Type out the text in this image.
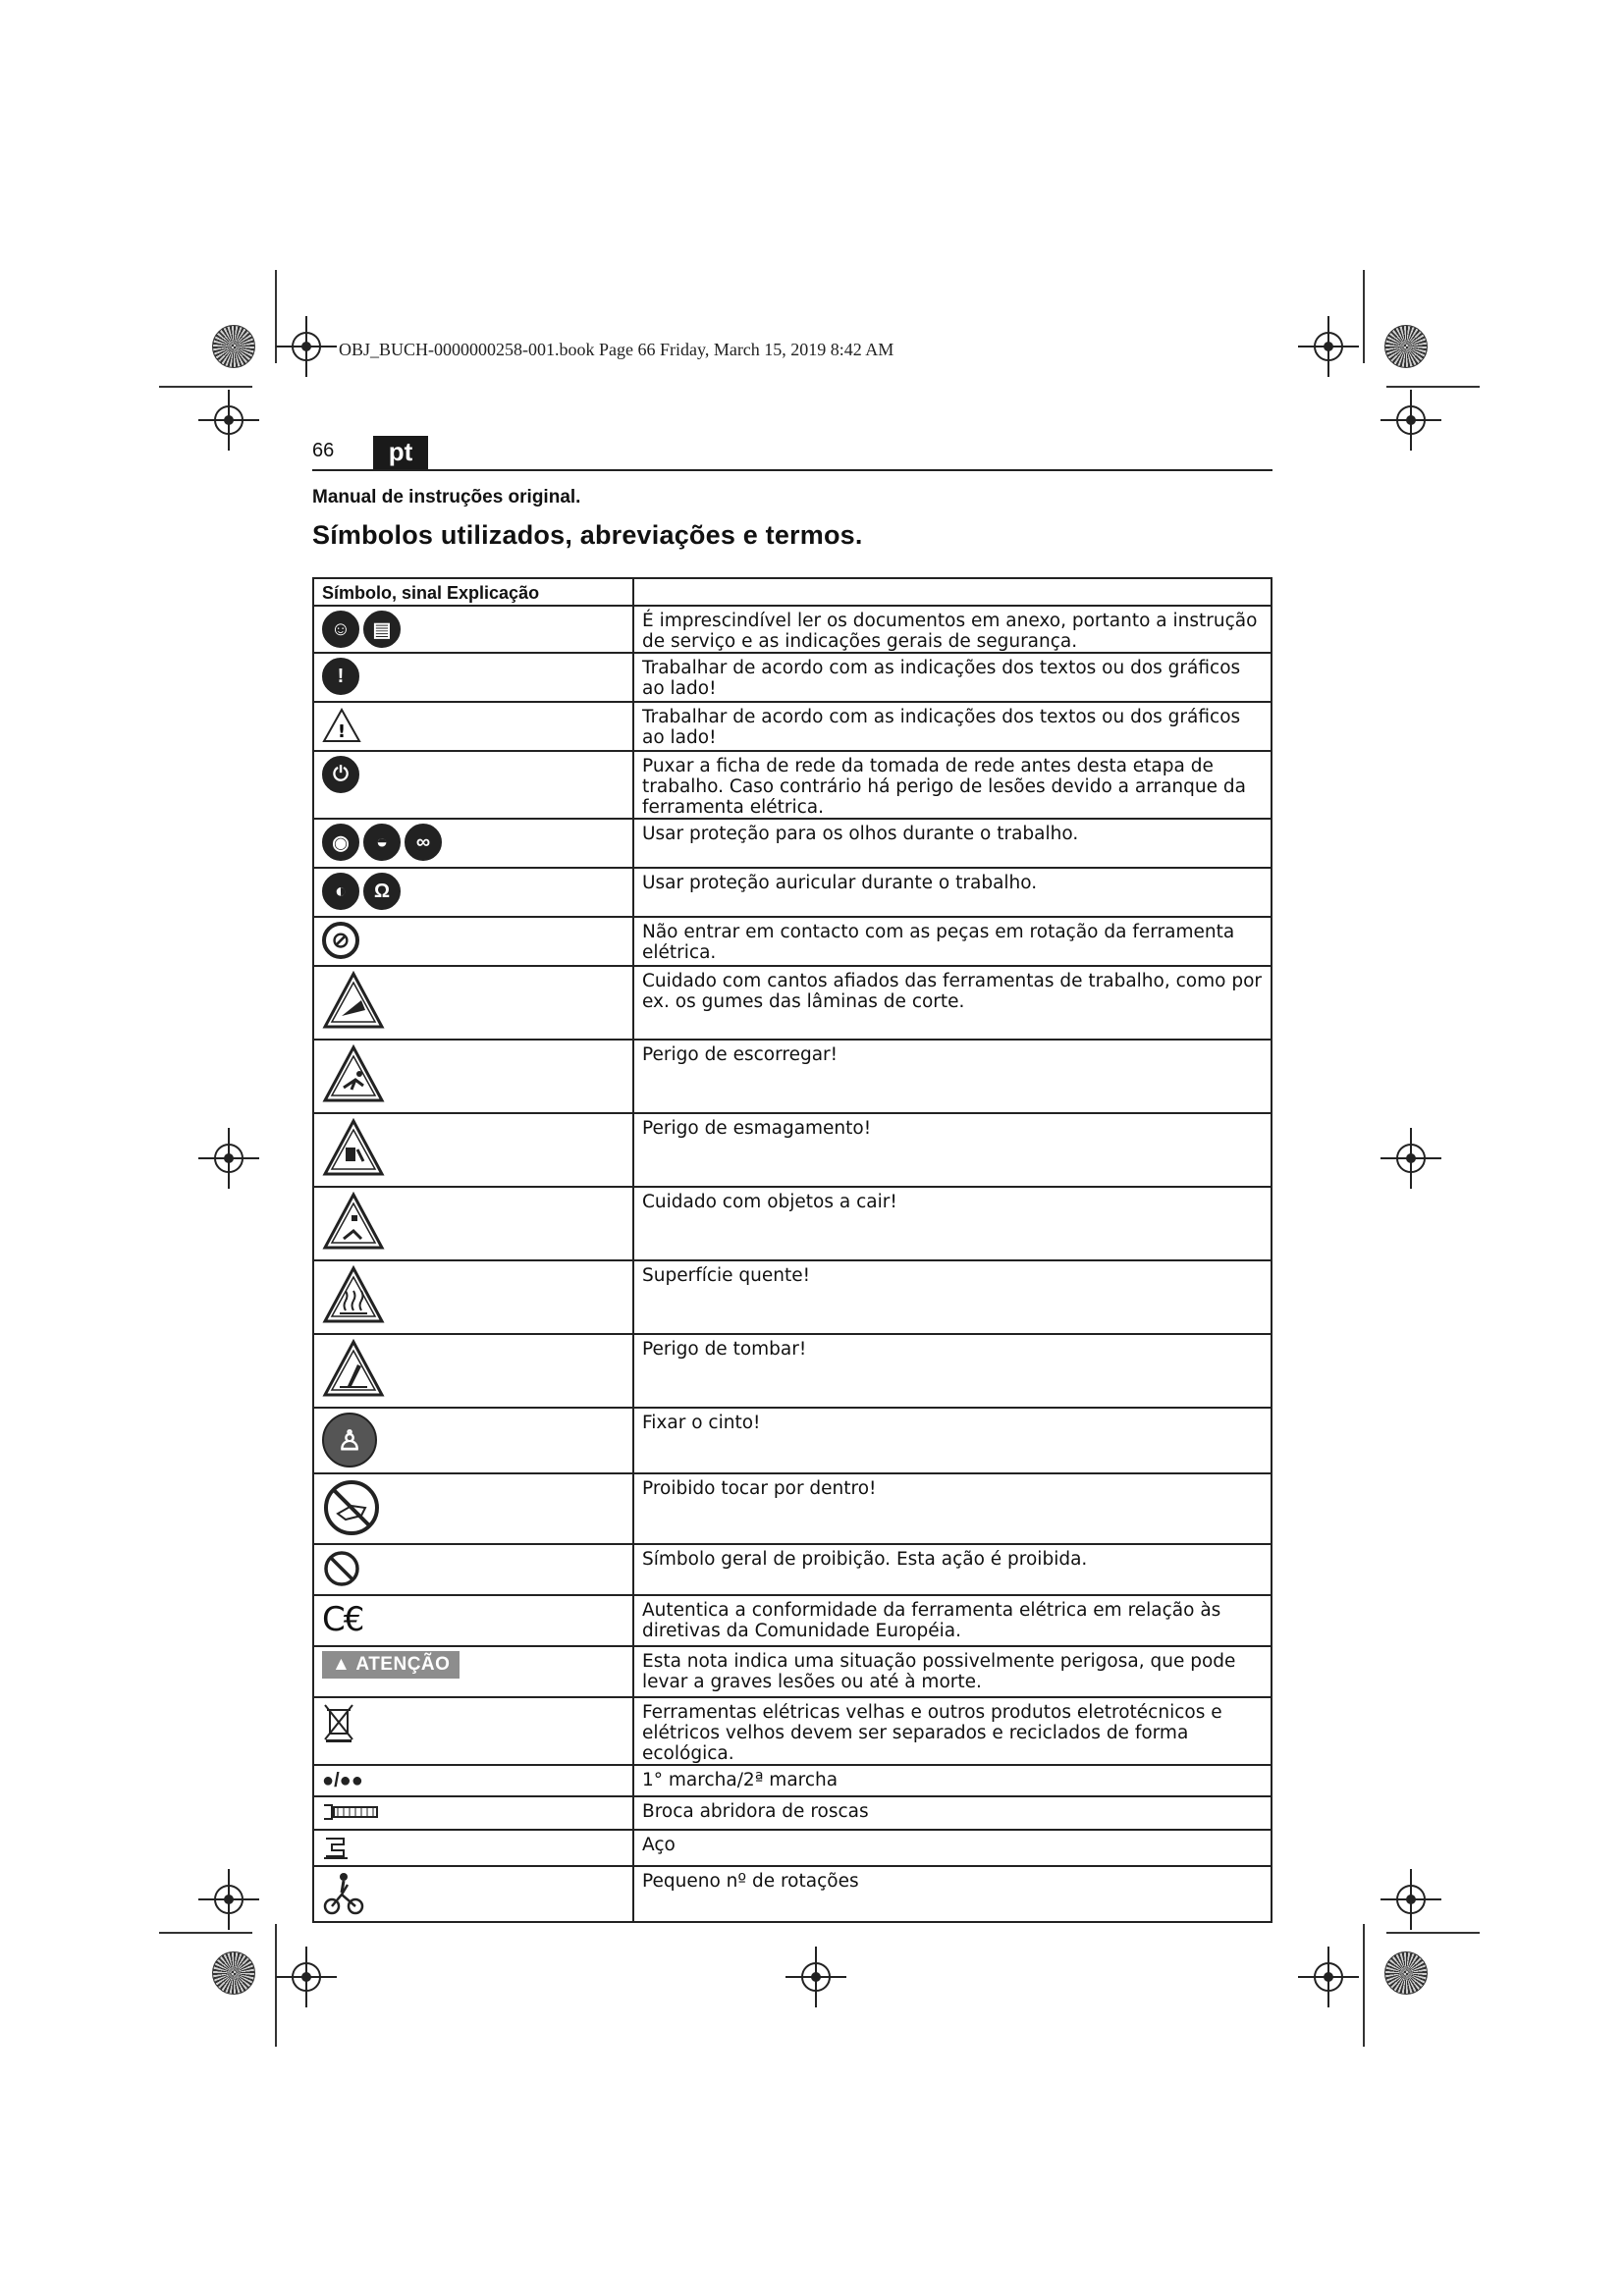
OBJ_BUCH-0000000258-001.book Page 66 Friday, March 15, 2019 8:42 AM
66	pt
Manual de instruções original.
Símbolos utilizados, abreviações e termos.
Símbolo, sinal Explicação	
☺ ▤	É imprescindível ler os documentos em anexo, portanto a instrução de serviço e as indicações gerais de segurança.
!	Trabalhar de acordo com as indicações dos textos ou dos gráficos ao lado!

!	Trabalhar de acordo com as indicações dos textos ou dos gráficos ao lado!
⏻	Puxar a ficha de rede da tomada de rede antes desta etapa de trabalho. Caso contrário há perigo de lesões devido a arranque da ferramenta elétrica.
◉ ◒ ∞	Usar proteção para os olhos durante o trabalho.
◐ Ω	Usar proteção auricular durante o trabalho.
⊘	Não entrar em contacto com as peças em rotação da ferramenta elétrica.
	Cuidado com cantos afiados das ferramentas de trabalho, como por ex. os gumes das lâminas de corte.
	Perigo de escorregar!
	Perigo de esmagamento!
	Cuidado com objetos a cair!
	Superfície quente!
	Perigo de tombar!
♙	Fixar o cinto!
	Proibido tocar por dentro!
	Símbolo geral de proibição. Esta ação é proibida.
C€	Autentica a conformidade da ferramenta elétrica em relação às diretivas da Comunidade Européia.
▲ ATENÇÃO	Esta nota indica uma situação possivelmente perigosa, que pode levar a graves lesões ou até à morte.
	Ferramentas elétricas velhas e outros produtos eletrotécnicos e elétricos velhos devem ser separados e reciclados de forma ecológica.
●/●●	1° marcha/2ª marcha
	Broca abridora de roscas
	Aço
	Pequeno nº de rotações
